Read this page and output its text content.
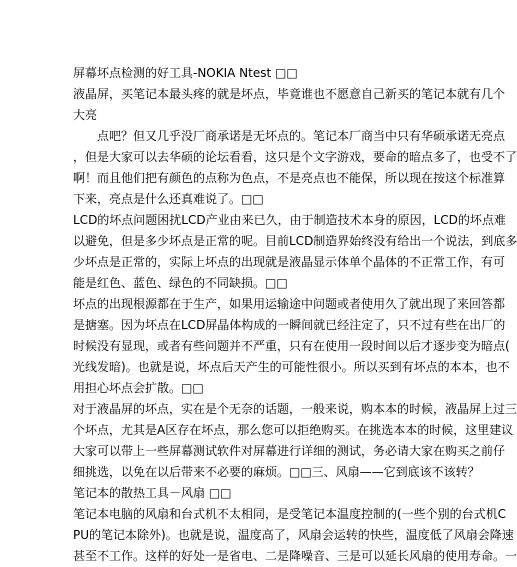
屏幕坏点检测的好工具-NOKIA Ntest □□
液晶屏，买笔记本最头疼的就是坏点，毕竟谁也不愿意自己新买的笔记本就有几个
大亮
点吧？但又几乎没厂商承诺是无坏点的。笔记本厂商当中只有华硕承诺无亮点
，但是大家可以去华硕的论坛看看，这只是个文字游戏，要命的暗点多了，也受不了
啊！而且他们把有颜色的点称为色点，不是亮点也不能保，所以现在按这个标准算
下来，亮点是什么还真难说了。□□
LCD的坏点问题困扰LCD产业由来已久，由于制造技术本身的原因，LCD的坏点难
以避免，但是多少坏点是正常的呢。目前LCD制造界始终没有给出一个说法，到底多
少坏点是正常的，实际上坏点的出现就是液晶显示体单个晶体的不正常工作，有可
能是红色、蓝色、绿色的不同缺损。□□
坏点的出现根源都在于生产，如果用运输途中问题或者使用久了就出现了来回答都
是搪塞。因为坏点在LCD屏晶体构成的一瞬间就已经注定了，只不过有些在出厂的
时候没有显现，或者有些问题并不严重，只有在使用一段时间以后才逐步变为暗点(
光线发暗)。也就是说，坏点后天产生的可能性很小。所以买到有坏点的本本，也不
用担心坏点会扩散。□□
对于液晶屏的坏点，实在是个无奈的话题，一般来说，购本本的时候，液晶屏上过三
个坏点，尤其是A区存在坏点，那么您可以拒绝购买。在挑选本本的时候，这里建议
大家可以带上一些屏幕测试软件对屏幕进行详细的测试，务必请大家在购买之前仔
细挑选，以免在以后带来不必要的麻烦。□□三、风扇——它到底该不该转？
笔记本的散热工具－风扇 □□
笔记本电脑的风扇和台式机不太相同，是受笔记本温度控制的(一些个别的台式机C
PU的笔记本除外)。也就是说，温度高了，风扇会运转的快些，温度低了风扇会降速
甚至不工作。这样的好处一是省电、二是降噪音、三是可以延长风扇的使用寿命。一
